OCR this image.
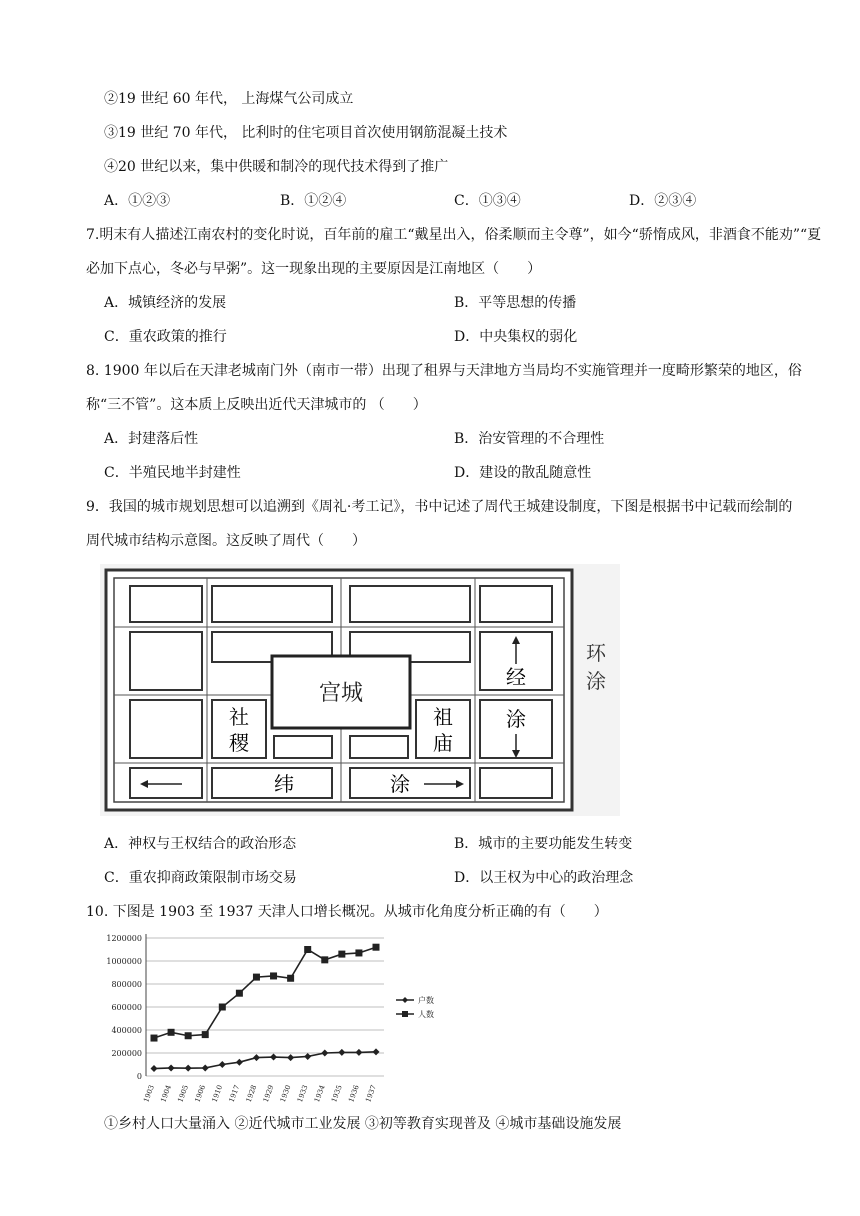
②19 世纪 60 年代， 上海煤气公司成立
③19 世纪 70 年代， 比利时的住宅项目首次使用钢筋混凝土技术
④20 世纪以来，集中供暖和制冷的现代技术得到了推广
A．①②③	B．①②④	C．①③④	D．②③④
7.明末有人描述江南农村的变化时说，百年前的雇工“戴星出入，俗柔顺而主令尊”，如今“骄惰成风，非酒食不能劝”“夏
必加下点心，冬必与早粥”。这一现象出现的主要原因是江南地区（　　）
A．城镇经济的发展	B．平等思想的传播
C．重农政策的推行	D．中央集权的弱化
8. 1900 年以后在天津老城南门外（南市一带）出现了租界与天津地方当局均不实施管理并一度畸形繁荣的地区，俗
称“三不管”。这本质上反映出近代天津城市的 （　　）
A．封建落后性	B．治安管理的不合理性
C．半殖民地半封建性	D．建设的散乱随意性
9．我国的城市规划思想可以追溯到《周礼·考工记》，书中记述了周代王城建设制度，下图是根据书中记载而绘制的
周代城市结构示意图。这反映了周代（　　）
宫城
社
稷
祖
庙
纬	涂
经
涂
环
涂
A．神权与王权结合的政治形态	B．城市的主要功能发生转变
C．重农抑商政策限制市场交易	D．以王权为中心的政治理念
10. 下图是 1903 至 1937 天津人口增长概况。从城市化角度分析正确的有（　　）
0
200000
400000
600000
800000
1000000
1200000
1903 1904 1905 1906 1910 1917 1928 1929 1930 1933 1934 1935 1936 1937
户数
人数
①乡村人口大量涌入 ②近代城市工业发展 ③初等教育实现普及 ④城市基础设施发展
